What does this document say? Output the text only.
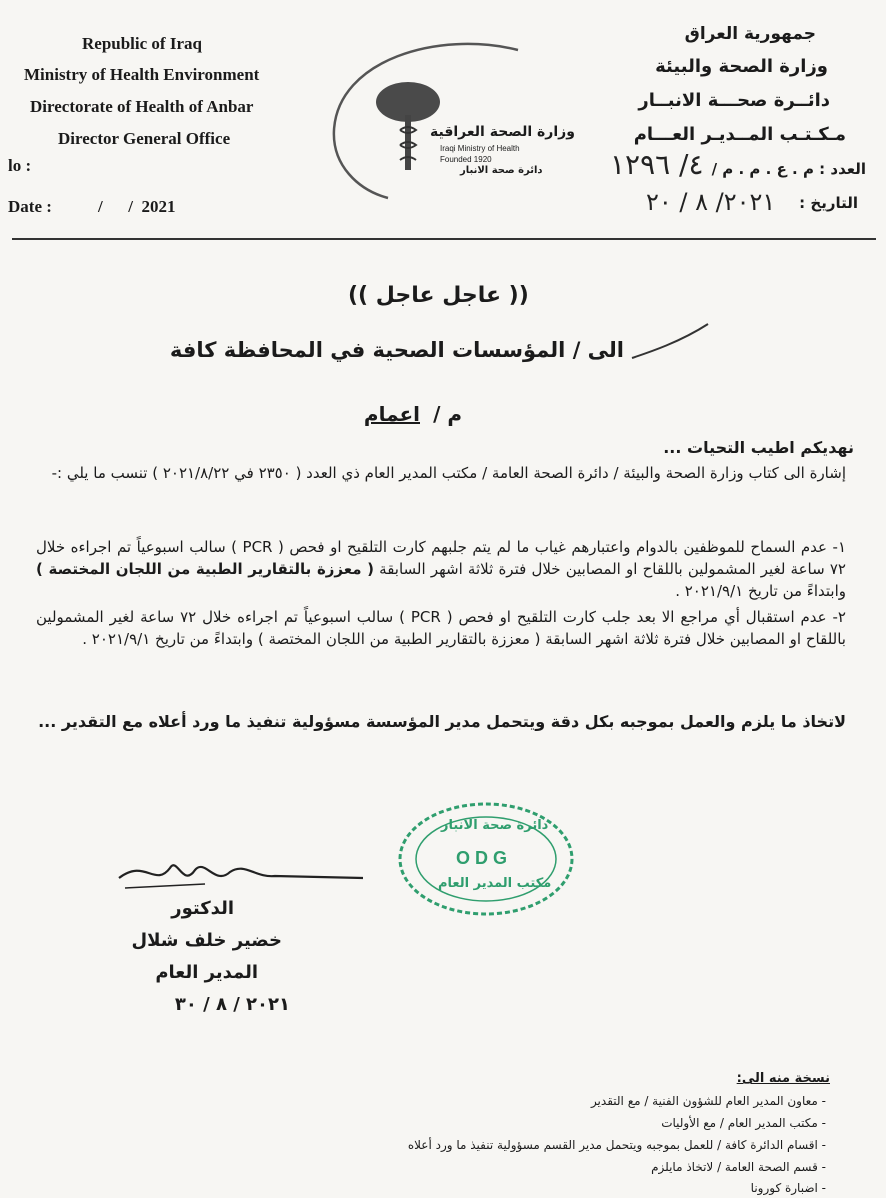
Republic of Iraq
Ministry of Health Environment
Directorate of Health of Anbar
Director General Office
lo :
Date :	/      /  2021
وزارة الصحة العراقية
Iraqi Ministry of Health
Founded 1920
دائرة صحة الانبار
جمهورية العراق
وزارة الصحة والبيئة
دائــرة صحـــة الانبــار
مـكـتـب المــديـر العـــام
العدد : م . ع . م . م /
٤/ ١٢٩٦
التاريخ :
٢٠٢١/ ٨ / ٢٠
(( عاجل عاجل ))
الى / المؤسسات الصحية في المحافظة كافة
م /
اعمام
نهديكم اطيب التحيات ...
إشارة الى كتاب وزارة الصحة والبيئة / دائرة الصحة العامة / مكتب المدير العام ذي العدد ( ٢٣٥٠ في ٢٠٢١/٨/٢٢ ) تنسب ما يلي :-
١- عدم السماح للموظفين بالدوام واعتبارهم غياب ما لم يتم جلبهم كارت التلقيح او فحص ( PCR ) سالب اسبوعياً تم اجراءه خلال ٧٢ ساعة لغير المشمولين باللقاح او المصابين خلال فترة ثلاثة اشهر السابقة ( معززة بالتقارير الطبية من اللجان المختصة ) وابتداءً من تاريخ ٢٠٢١/٩/١ .
٢- عدم استقبال أي مراجع الا بعد جلب كارت التلقيح او فحص ( PCR ) سالب اسبوعياً تم اجراءه خلال ٧٢ ساعة لغير المشمولين باللقاح او المصابين خلال فترة ثلاثة اشهر السابقة ( معززة بالتقارير الطبية من اللجان المختصة ) وابتداءً من تاريخ ٢٠٢١/٩/١ .
لاتخاذ ما يلزم والعمل بموجبه بكل دقة ويتحمل مدير المؤسسة مسؤولية تنفيذ ما ورد أعلاه مع التقدير ...
دائرة صحة الانبار
O D G
مكتب المدير العام
الدكتور
خضير خلف شلال
المدير العام
٢٠٢١ / ٨ / ٣٠
نسخة منه الى:
- معاون المدير العام للشؤون الفنية / مع التقدير
- مكتب المدير العام / مع الأوليات
- اقسام الدائرة كافة / للعمل بموجبه ويتحمل مدير القسم مسؤولية تنفيذ ما ورد أعلاه
- قسم الصحة العامة / لاتخاذ مايلزم
- اضبارة كورونا
